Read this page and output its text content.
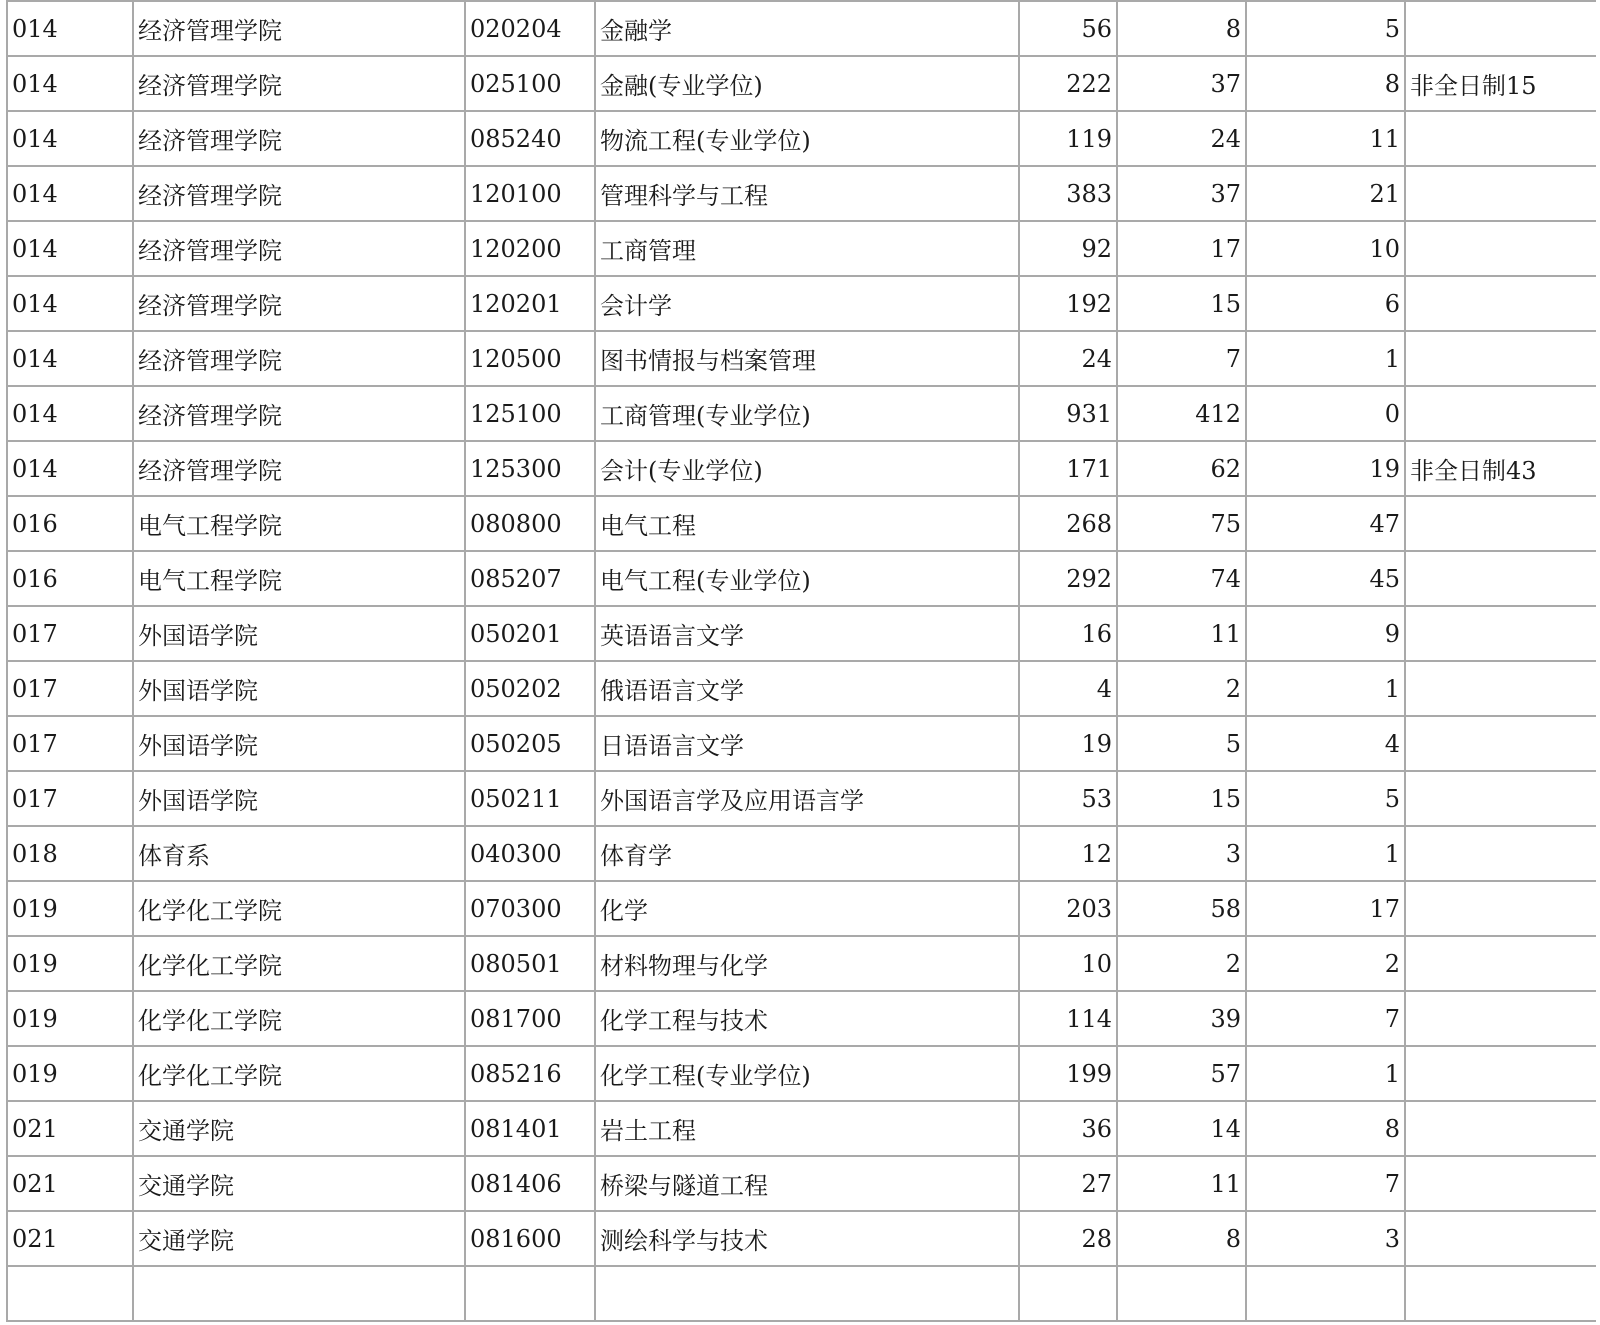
014	经济管理学院	020204	金融学	56	8	5	
014	经济管理学院	025100	金融(专业学位)	222	37	8	非全日制15
014	经济管理学院	085240	物流工程(专业学位)	119	24	11	
014	经济管理学院	120100	管理科学与工程	383	37	21	
014	经济管理学院	120200	工商管理	92	17	10	
014	经济管理学院	120201	会计学	192	15	6	
014	经济管理学院	120500	图书情报与档案管理	24	7	1	
014	经济管理学院	125100	工商管理(专业学位)	931	412	0	
014	经济管理学院	125300	会计(专业学位)	171	62	19	非全日制43
016	电气工程学院	080800	电气工程	268	75	47	
016	电气工程学院	085207	电气工程(专业学位)	292	74	45	
017	外国语学院	050201	英语语言文学	16	11	9	
017	外国语学院	050202	俄语语言文学	4	2	1	
017	外国语学院	050205	日语语言文学	19	5	4	
017	外国语学院	050211	外国语言学及应用语言学	53	15	5	
018	体育系	040300	体育学	12	3	1	
019	化学化工学院	070300	化学	203	58	17	
019	化学化工学院	080501	材料物理与化学	10	2	2	
019	化学化工学院	081700	化学工程与技术	114	39	7	
019	化学化工学院	085216	化学工程(专业学位)	199	57	1	
021	交通学院	081401	岩土工程	36	14	8	
021	交通学院	081406	桥梁与隧道工程	27	11	7	
021	交通学院	081600	测绘科学与技术	28	8	3	
